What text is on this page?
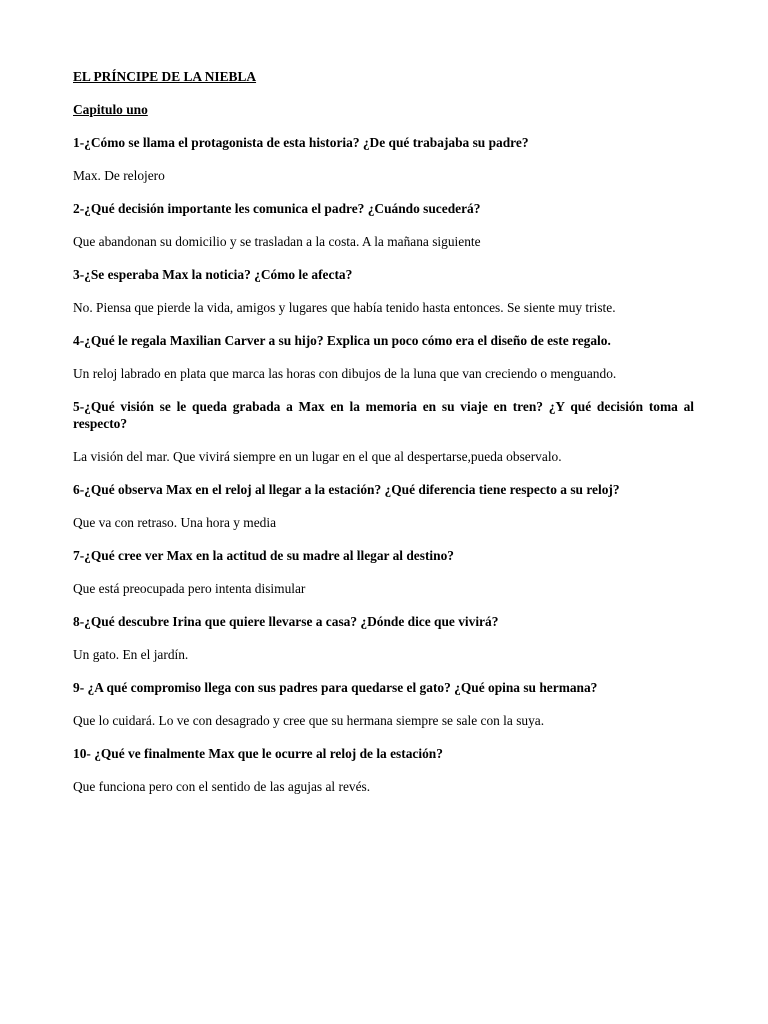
EL PRÍNCIPE DE LA NIEBLA

Capitulo uno

1-¿Cómo se llama el protagonista de esta historia? ¿De qué trabajaba su padre?

Max. De relojero

2-¿Qué decisión importante les comunica el padre? ¿Cuándo sucederá?

Que abandonan su domicilio y se trasladan a la costa. A la mañana siguiente

3-¿Se esperaba Max la noticia? ¿Cómo le afecta?

No. Piensa que pierde la vida, amigos y lugares que había tenido hasta entonces. Se siente muy triste.

4-¿Qué le regala Maxilian Carver a su hijo? Explica un poco cómo era el diseño de este regalo.

Un reloj labrado en plata que marca las horas con dibujos de la luna que van creciendo o menguando.

5-¿Qué visión se le queda grabada a Max en la memoria en su viaje en tren? ¿Y qué decisión toma al respecto?

La visión del mar. Que vivirá siempre en un lugar en el que al despertarse,pueda observalo.

6-¿Qué observa Max en el reloj al llegar a la estación? ¿Qué diferencia tiene respecto a su reloj?

Que va con retraso. Una hora y media

7-¿Qué cree ver Max en la actitud de su madre al llegar al destino?

Que está preocupada pero intenta disimular

8-¿Qué descubre Irina que quiere llevarse a casa? ¿Dónde dice que vivirá?

Un gato. En el jardín.

9- ¿A qué compromiso llega con sus padres para quedarse el gato? ¿Qué opina su hermana?

Que lo cuidará. Lo ve con desagrado y cree que su hermana siempre se sale con la suya.

10- ¿Qué ve finalmente Max que le ocurre al reloj de la estación?

Que funciona pero con el sentido de las agujas al revés.
